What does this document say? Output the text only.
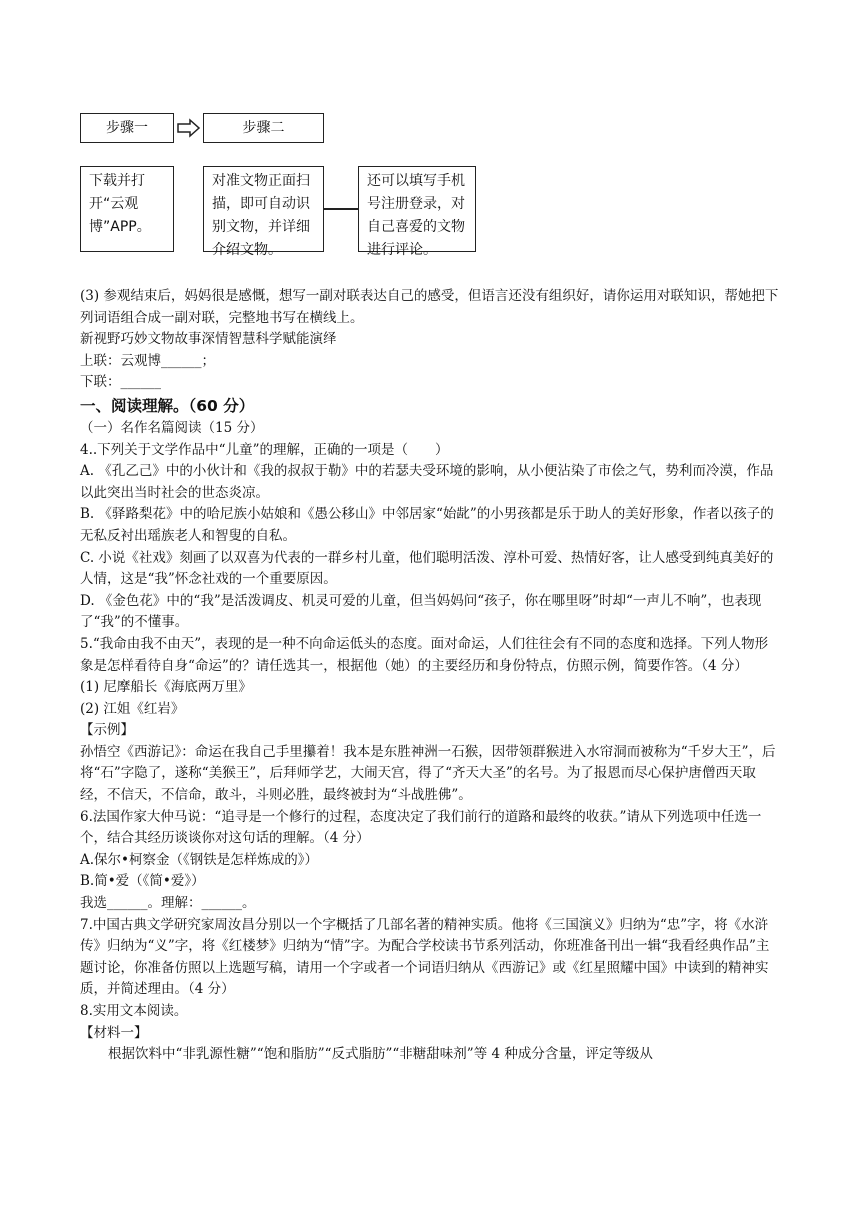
步骤一	步骤二
下载并打开“云观博”APP。
对准文物正面扫描，即可自动识别文物，并详细介绍文物。
还可以填写手机号注册登录，对自己喜爱的文物进行评论。

(3) 参观结束后，妈妈很是感慨，想写一副对联表达自己的感受，但语言还没有组织好，请你运用对联知识，帮她把下列词语组合成一副对联，完整地书写在横线上。

新视野巧妙文物故事深情智慧科学赋能演绎

上联：云观博______；

下联：______

一、阅读理解。（60 分）

（一）名作名篇阅读（15 分）

4..下列关于文学作品中“儿童”的理解，正确的一项是（　　）

A. 《孔乙己》中的小伙计和《我的叔叔于勒》中的若瑟夫受环境的影响，从小便沾染了市侩之气，势利而冷漠，作品以此突出当时社会的世态炎凉。

B. 《驿路梨花》中的哈尼族小姑娘和《愚公移山》中邻居家“始龀”的小男孩都是乐于助人的美好形象，作者以孩子的无私反衬出瑶族老人和智叟的自私。

C. 小说《社戏》刻画了以双喜为代表的一群乡村儿童，他们聪明活泼、淳朴可爱、热情好客，让人感受到纯真美好的人情，这是“我”怀念社戏的一个重要原因。

D. 《金色花》中的“我”是活泼调皮、机灵可爱的儿童，但当妈妈问“孩子，你在哪里呀”时却“一声儿不响”，也表现了“我”的不懂事。

5.“我命由我不由天”，表现的是一种不向命运低头的态度。面对命运，人们往往会有不同的态度和选择。下列人物形象是怎样看待自身“命运”的？请任选其一，根据他（她）的主要经历和身份特点，仿照示例，简要作答。（4 分）

(1) 尼摩船长《海底两万里》

(2) 江姐《红岩》

【示例】

孙悟空《西游记》：命运在我自己手里攥着！我本是东胜神洲一石猴，因带领群猴进入水帘洞而被称为“千岁大王”，后将“石”字隐了，遂称“美猴王”，后拜师学艺，大闹天宫，得了“齐天大圣”的名号。为了报恩而尽心保护唐僧西天取经，不信天，不信命，敢斗，斗则必胜，最终被封为“斗战胜佛”。

6.法国作家大仲马说：“追寻是一个修行的过程，态度决定了我们前行的道路和最终的收获。”请从下列选项中任选一个，结合其经历谈谈你对这句话的理解。（4 分）

A.保尔•柯察金（《钢铁是怎样炼成的》）

B.简•爱（《简•爱》）

我选______。理解：______。

7.中国古典文学研究家周汝昌分别以一个字概括了几部名著的精神实质。他将《三国演义》归纳为“忠”字，将《水浒传》归纳为“义”字，将《红楼梦》归纳为“情”字。为配合学校读书节系列活动，你班准备刊出一辑“我看经典作品”主题讨论，你准备仿照以上选题写稿，请用一个字或者一个词语归纳从《西游记》或《红星照耀中国》中读到的精神实质，并简述理由。（4 分）

8.实用文本阅读。

【材料一】

根据饮料中“非乳源性糖”“饱和脂肪”“反式脂肪”“非糖甜味剂”等 4 种成分含量，评定等级从
